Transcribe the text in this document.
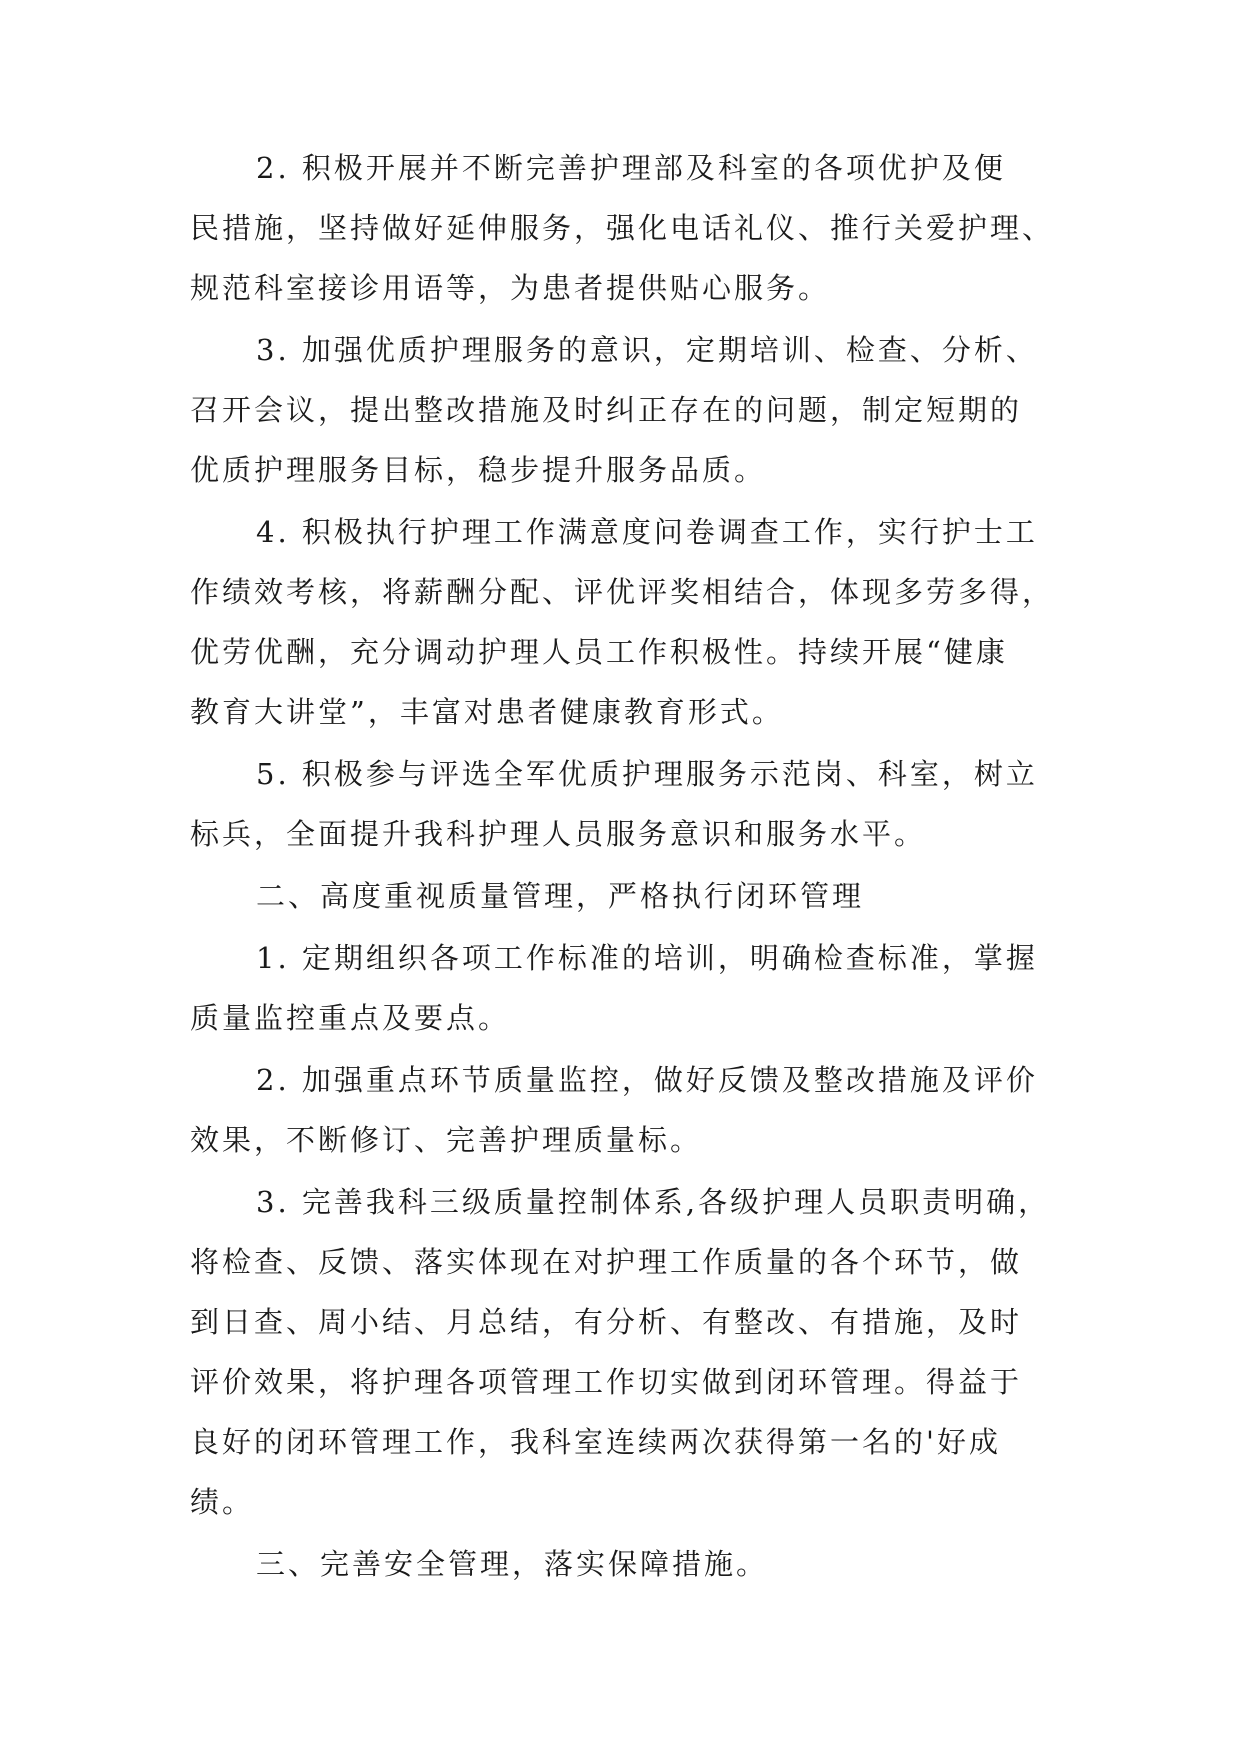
2. 积极开展并不断完善护理部及科室的各项优护及便
民措施，坚持做好延伸服务，强化电话礼仪、推行关爱护理、
规范科室接诊用语等，为患者提供贴心服务。
3. 加强优质护理服务的意识，定期培训、检查、分析、
召开会议，提出整改措施及时纠正存在的问题，制定短期的
优质护理服务目标，稳步提升服务品质。
4. 积极执行护理工作满意度问卷调查工作，实行护士工
作绩效考核，将薪酬分配、评优评奖相结合，体现多劳多得，
优劳优酬，充分调动护理人员工作积极性。持续开展“健康
教育大讲堂”，丰富对患者健康教育形式。
5. 积极参与评选全军优质护理服务示范岗、科室，树立
标兵，全面提升我科护理人员服务意识和服务水平。
二、高度重视质量管理，严格执行闭环管理
1. 定期组织各项工作标准的培训，明确检查标准，掌握
质量监控重点及要点。
2. 加强重点环节质量监控，做好反馈及整改措施及评价
效果，不断修订、完善护理质量标。
3. 完善我科三级质量控制体系,各级护理人员职责明确，
将检查、反馈、落实体现在对护理工作质量的各个环节，做
到日查、周小结、月总结，有分析、有整改、有措施，及时
评价效果，将护理各项管理工作切实做到闭环管理。得益于
良好的闭环管理工作，我科室连续两次获得第一名的'好成
绩。
三、完善安全管理，落实保障措施。
